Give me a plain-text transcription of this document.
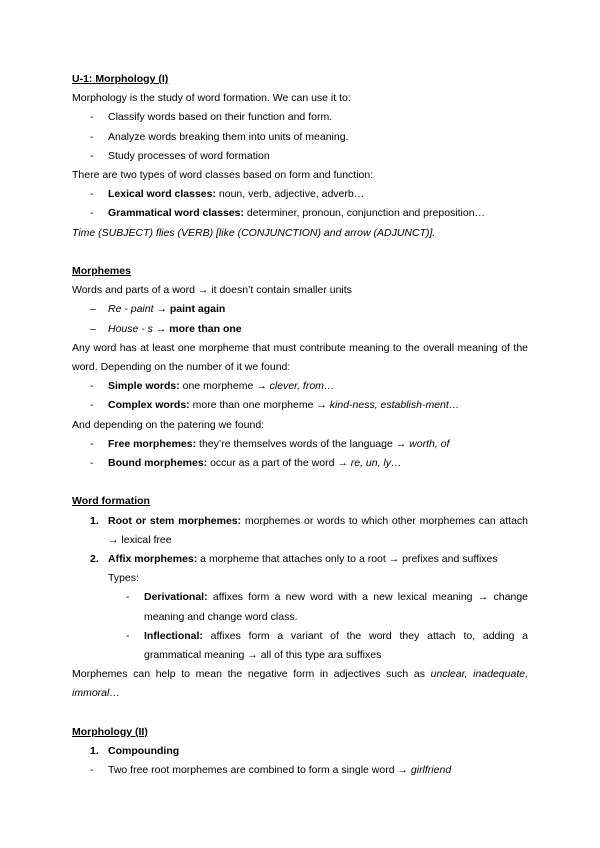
U-1: Morphology (I)

Morphology is the study of word formation. We can use it to:

- Classify words based on their function and form.
- Analyze words breaking them into units of meaning.
- Study processes of word formation

There are two types of word classes based on form and function:

- Lexical word classes: noun, verb, adjective, adverb…
- Grammatical word classes: determiner, pronoun, conjunction and preposition…

Time (SUBJECT) flies (VERB) [like (CONJUNCTION) and arrow (ADJUNCT)].

Morphemes

Words and parts of a word → it doesn’t contain smaller units

– Re - paint → paint again
– House - s → more than one

Any word has at least one morpheme that must contribute meaning to the overall meaning of the word. Depending on the number of it we found:

- Simple words: one morpheme → clever, from…
- Complex words: more than one morpheme → kind-ness, establish-ment…

And depending on the patering we found:

- Free morphemes: they’re themselves words of the language → worth, of
- Bound morphemes: occur as a part of the word → re, un, ly…

Word formation

1. Root or stem morphemes: morphemes or words to which other morphemes can attach → lexical free
2. Affix morphemes: a morpheme that attaches only to a root → prefixes and suffixes

Types:

- Derivational: affixes form a new word with a new lexical meaning → change meaning and change word class.
- Inflectional: affixes form a variant of the word they attach to, adding a grammatical meaning → all of this type ara suffixes

Morphemes can help to mean the negative form in adjectives such as unclear, inadequate, immoral…

Morphology (II)

1. Compounding
- Two free root morphemes are combined to form a single word → girlfriend
